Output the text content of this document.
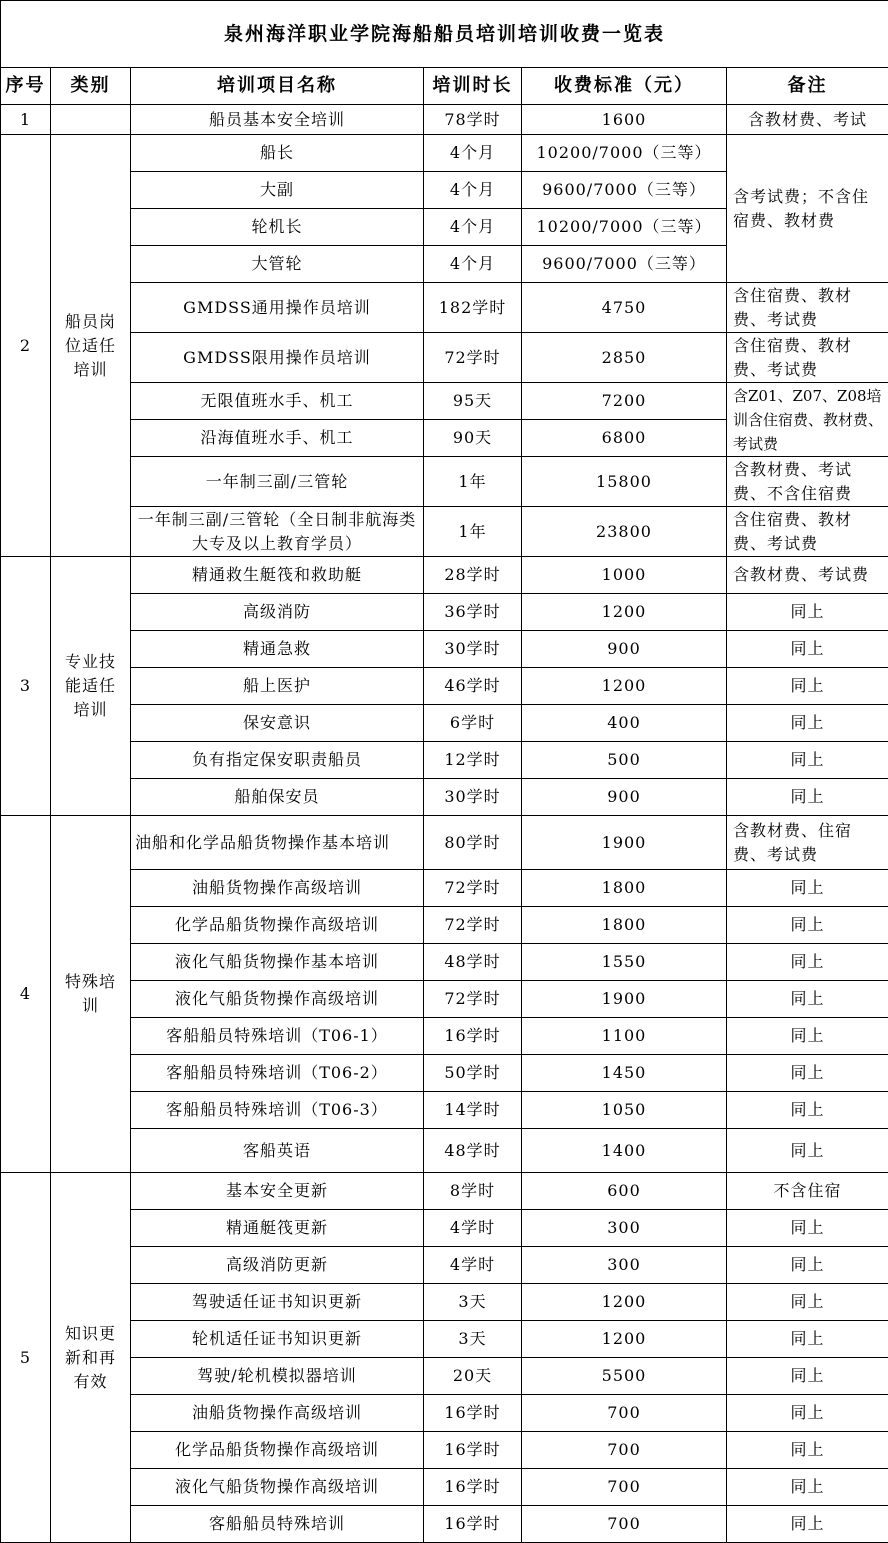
泉州海洋职业学院海船船员培训培训收费一览表					
序号	类别	培训项目名称	培训时长	收费标准（元）	备注
1		船员基本安全培训	78学时	1600	含教材费、考试
2	船员岗位适任培训	船长	4个月	10200/7000（三等）	含考试费；不含住宿费、教材费
		大副	4个月	9600/7000（三等）	
		轮机长	4个月	10200/7000（三等）	
		大管轮	4个月	9600/7000（三等）	
		GMDSS通用操作员培训	182学时	4750	含住宿费、教材费、考试费
		GMDSS限用操作员培训	72学时	2850	含住宿费、教材费、考试费
		无限值班水手、机工	95天	7200	含Z01、Z07、Z08培训含住宿费、教材费、考试费
		沿海值班水手、机工	90天	6800	
		一年制三副/三管轮	1年	15800	含教材费、考试费、不含住宿费
		一年制三副/三管轮（全日制非航海类大专及以上教育学员）	1年	23800	含住宿费、教材费、考试费
3	专业技能适任培训	精通救生艇筏和救助艇	28学时	1000	含教材费、考试费

		高级消防	36学时	1200	同上
		精通急救	30学时	900	同上
		船上医护	46学时	1200	同上
		保安意识	6学时	400	同上
		负有指定保安职责船员	12学时	500	同上
		船舶保安员	30学时	900	同上
4	特殊培训	油船和化学品船货物操作基本培训	80学时	1900	含教材费、住宿费、考试费
		油船货物操作高级培训	72学时	1800	同上
		化学品船货物操作高级培训	72学时	1800	同上
		液化气船货物操作基本培训	48学时	1550	同上
		液化气船货物操作高级培训	72学时	1900	同上
		客船船员特殊培训（T06-1）	16学时	1100	同上
		客船船员特殊培训（T06-2）	50学时	1450	同上
		客船船员特殊培训（T06-3）	14学时	1050	同上
		客船英语	48学时	1400	同上
5	知识更新和再有效	基本安全更新	8学时	600	不含住宿
		精通艇筏更新	4学时	300	同上
		高级消防更新	4学时	300	同上
		驾驶适任证书知识更新	3天	1200	同上
		轮机适任证书知识更新	3天	1200	同上
		驾驶/轮机模拟器培训	20天	5500	同上
		油船货物操作高级培训	16学时	700	同上
		化学品船货物操作高级培训	16学时	700	同上
		液化气船货物操作高级培训	16学时	700	同上
		客船船员特殊培训	16学时	700	同上
